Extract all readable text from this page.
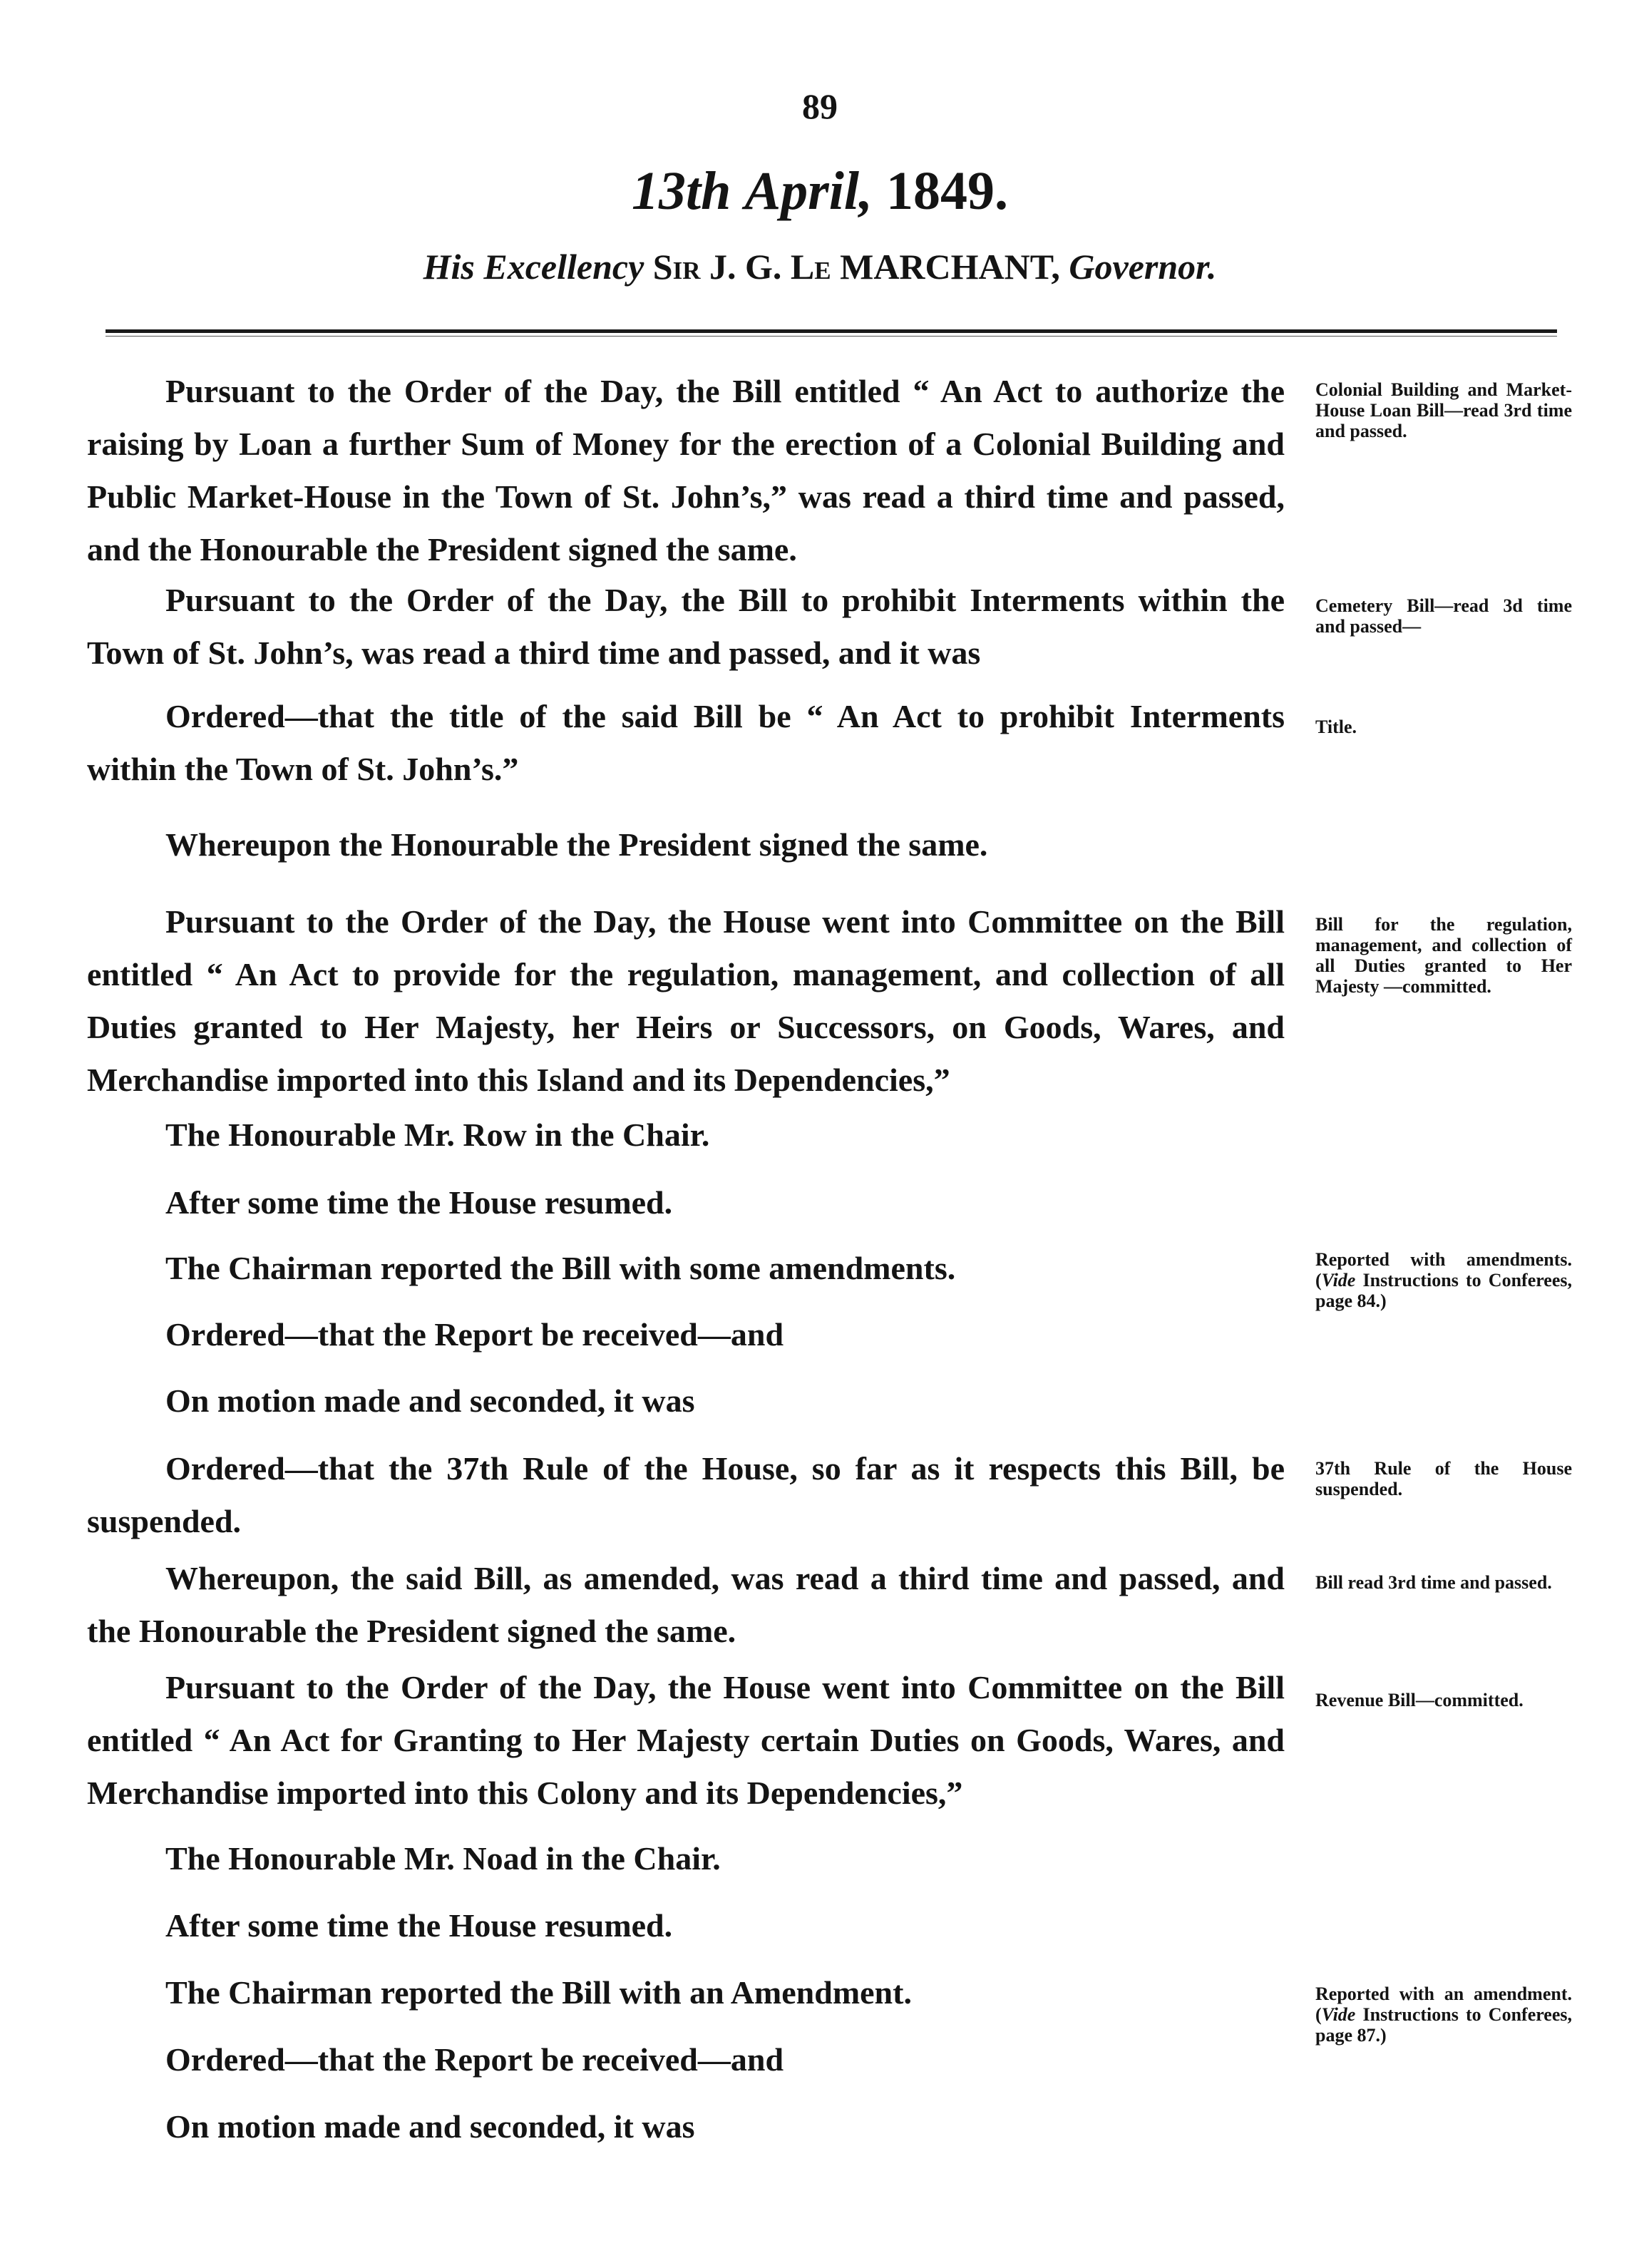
89
13th April, 1849.
His Excellency Sir J. G. Le MARCHANT, Governor.
Pursuant to the Order of the Day, the Bill entitled “ An Act to authorize the raising by Loan a further Sum of Money for the erection of a Colonial Building and Public Market-House in the Town of St. John’s,” was read a third time and passed, and the Honourable the President signed the same.
Pursuant to the Order of the Day, the Bill to prohibit Interments within the Town of St. John’s, was read a third time and passed, and it was
Ordered—that the title of the said Bill be “ An Act to prohibit Interments within the Town of St. John’s.”
Whereupon the Honourable the President signed the same.
Pursuant to the Order of the Day, the House went into Committee on the Bill entitled “ An Act to provide for the regulation, management, and collection of all Duties granted to Her Majesty, her Heirs or Successors, on Goods, Wares, and Merchandise imported into this Island and its Dependencies,”
The Honourable Mr. Row in the Chair.
After some time the House resumed.
The Chairman reported the Bill with some amendments.
Ordered—that the Report be received—and
On motion made and seconded, it was
Ordered—that the 37th Rule of the House, so far as it respects this Bill, be suspended.
Whereupon, the said Bill, as amended, was read a third time and passed, and the Honourable the President signed the same.
Pursuant to the Order of the Day, the House went into Committee on the Bill entitled “ An Act for Granting to Her Majesty certain Duties on Goods, Wares, and Merchandise imported into this Colony and its Dependencies,”
The Honourable Mr. Noad in the Chair.
After some time the House resumed.
The Chairman reported the Bill with an Amendment.
Ordered—that the Report be received—and
On motion made and seconded, it was
Colonial Building and Market-House Loan Bill—read 3rd time and passed.
Cemetery Bill—read 3d time and passed—
Title.
Bill for the regulation, management, and collection of all Duties granted to Her Majesty —committed.
Reported with amendments. (Vide Instructions to Conferees, page 84.)
37th Rule of the House suspended.
Bill read 3rd time and passed.
Revenue Bill—committed.
Reported with an amendment. (Vide Instructions to Conferees, page 87.)
